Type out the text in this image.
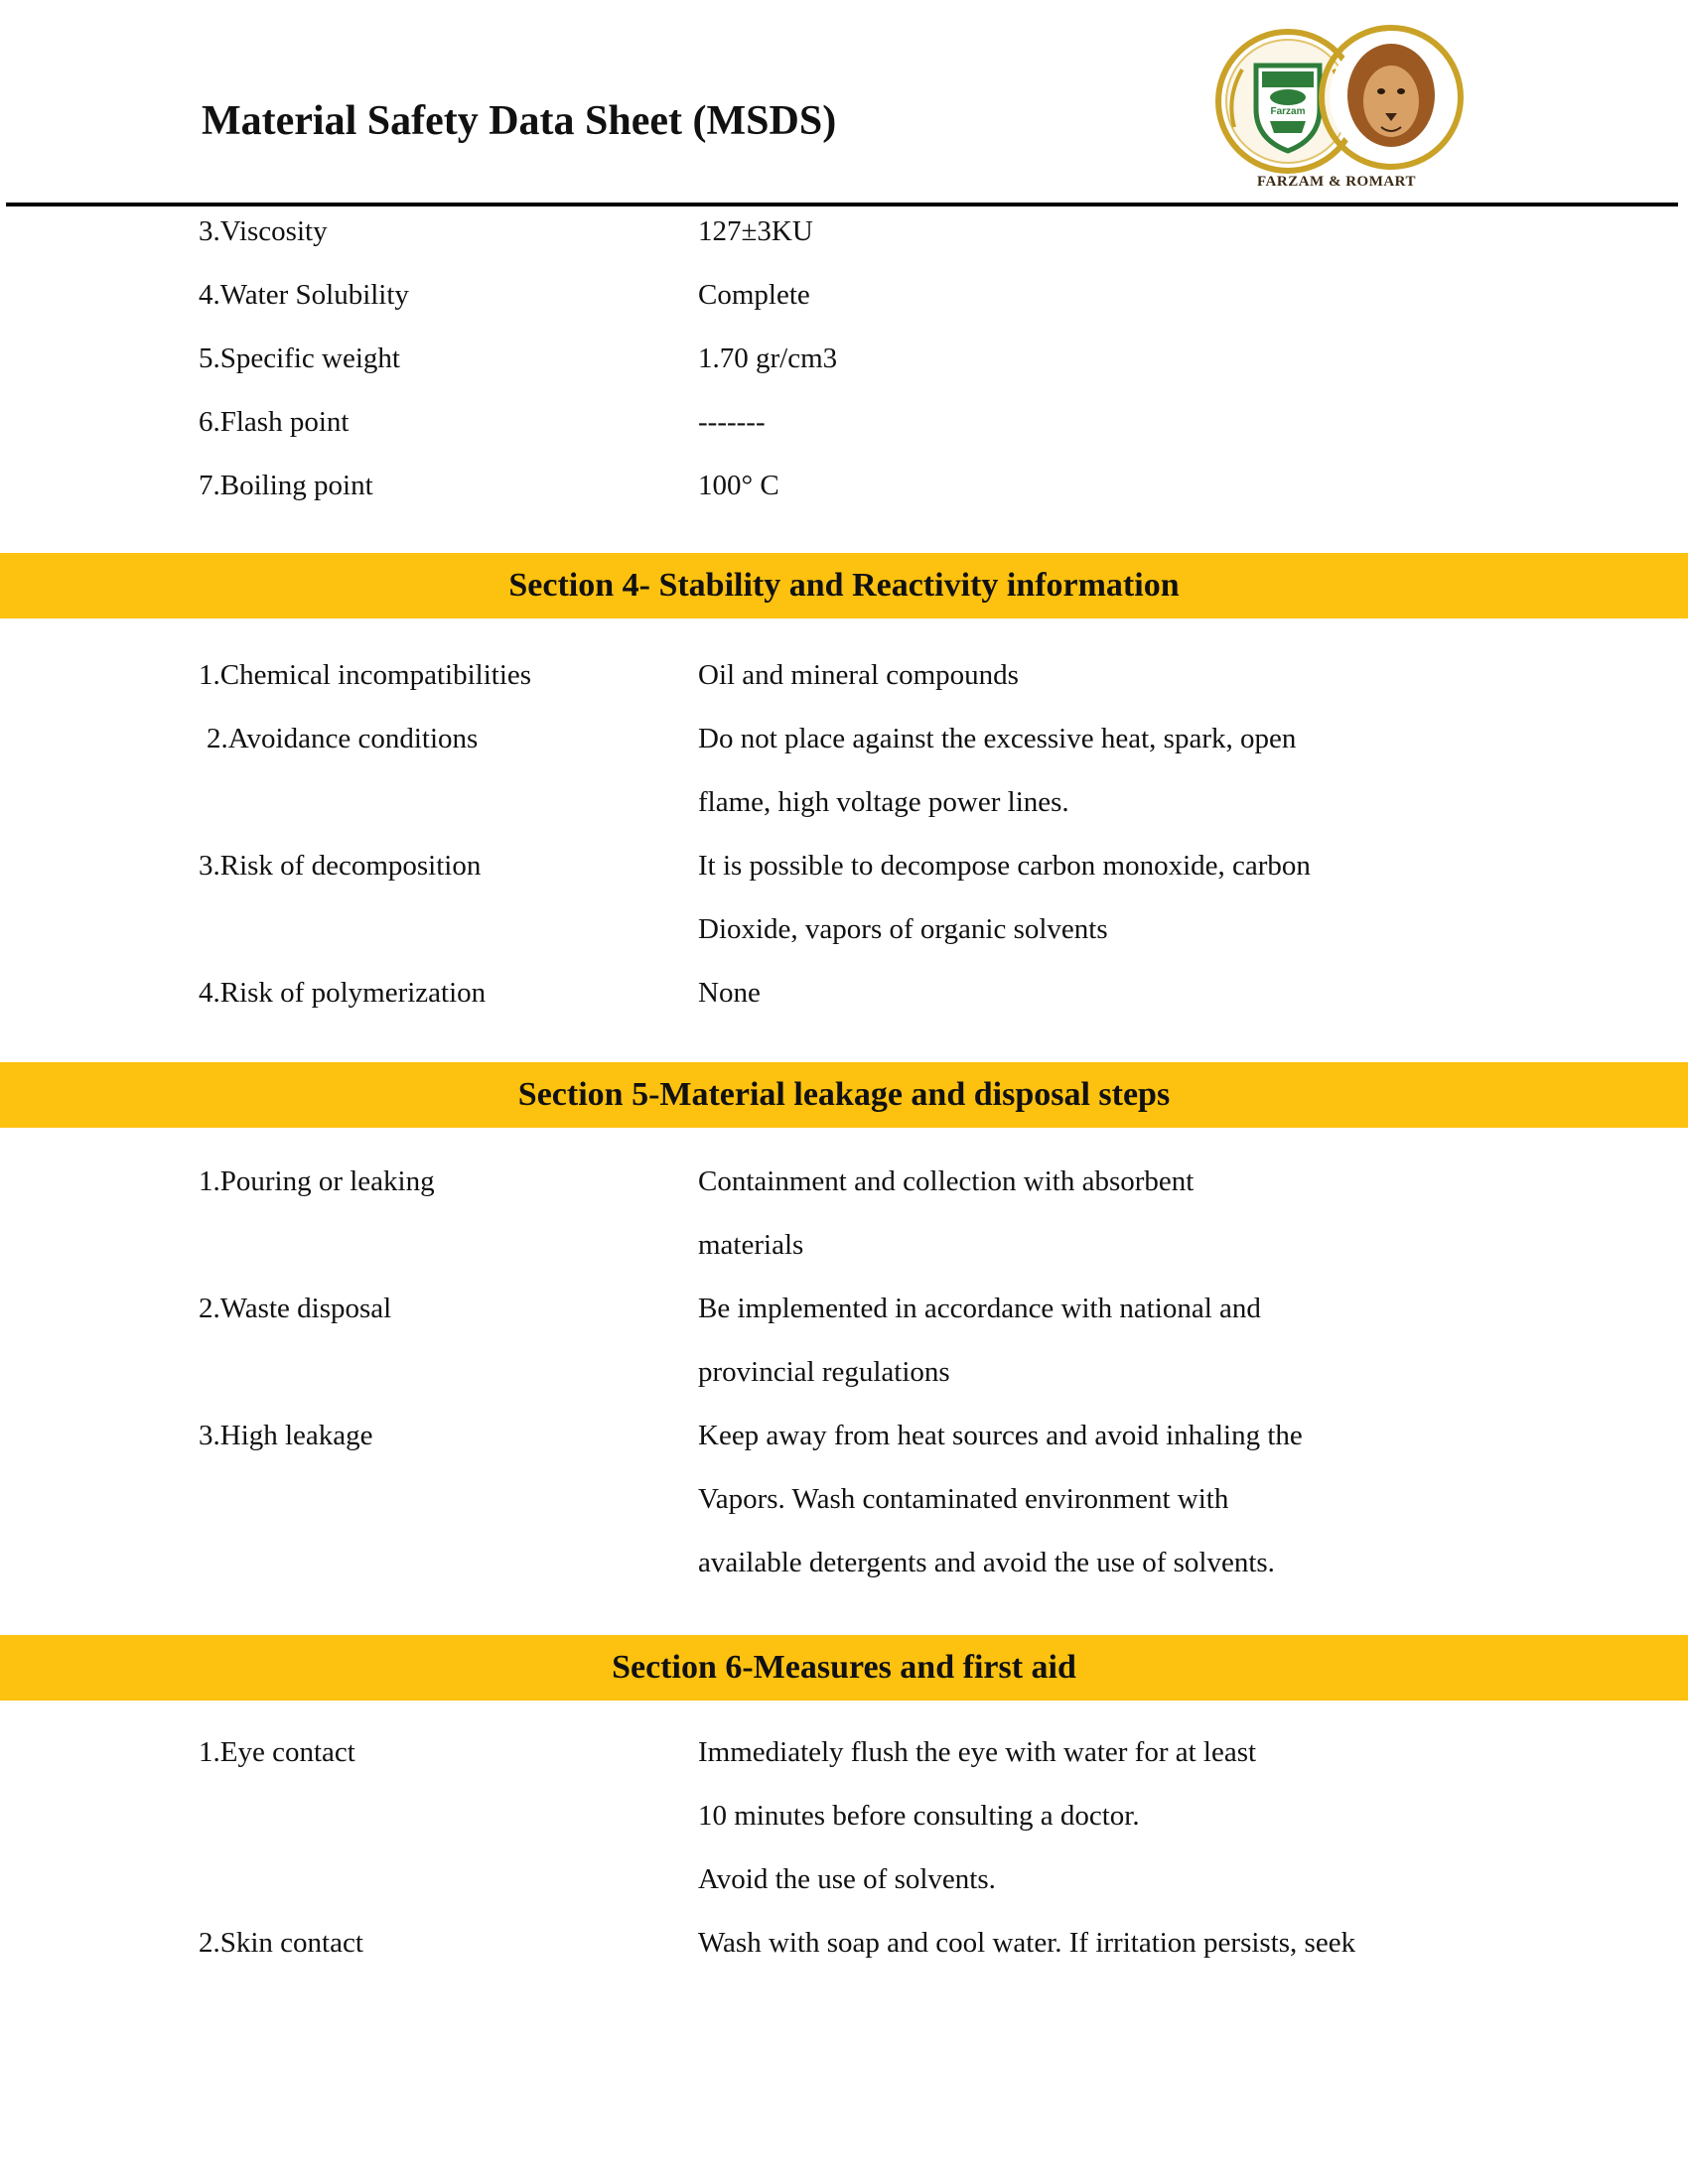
Material Safety Data Sheet (MSDS)	Farzam
FARZAM & ROMART
3.Viscosity	127±3KU
4.Water Solubility	Complete
5.Specific weight	1.70 gr/cm3
6.Flash point	-------
7.Boiling point	100° C
Section 4- Stability and Reactivity information
1.Chemical incompatibilities	Oil and mineral compounds
2.Avoidance conditions	Do not place against the excessive heat, spark, open
flame, high voltage power lines.
3.Risk of decomposition	It is possible to decompose carbon monoxide, carbon
Dioxide, vapors of organic solvents
4.Risk of polymerization	None
Section 5-Material leakage and disposal steps
1.Pouring or leaking	Containment and collection with absorbent
materials
2.Waste disposal	Be implemented in accordance with national and
provincial regulations
3.High leakage	Keep away from heat sources and avoid inhaling the
Vapors. Wash contaminated environment with
available detergents and avoid the use of solvents.
Section 6-Measures and first aid
1.Eye contact	Immediately flush the eye with water for at least
10 minutes before consulting a doctor.
Avoid the use of solvents.
2.Skin contact	Wash with soap and cool water. If irritation persists, seek
